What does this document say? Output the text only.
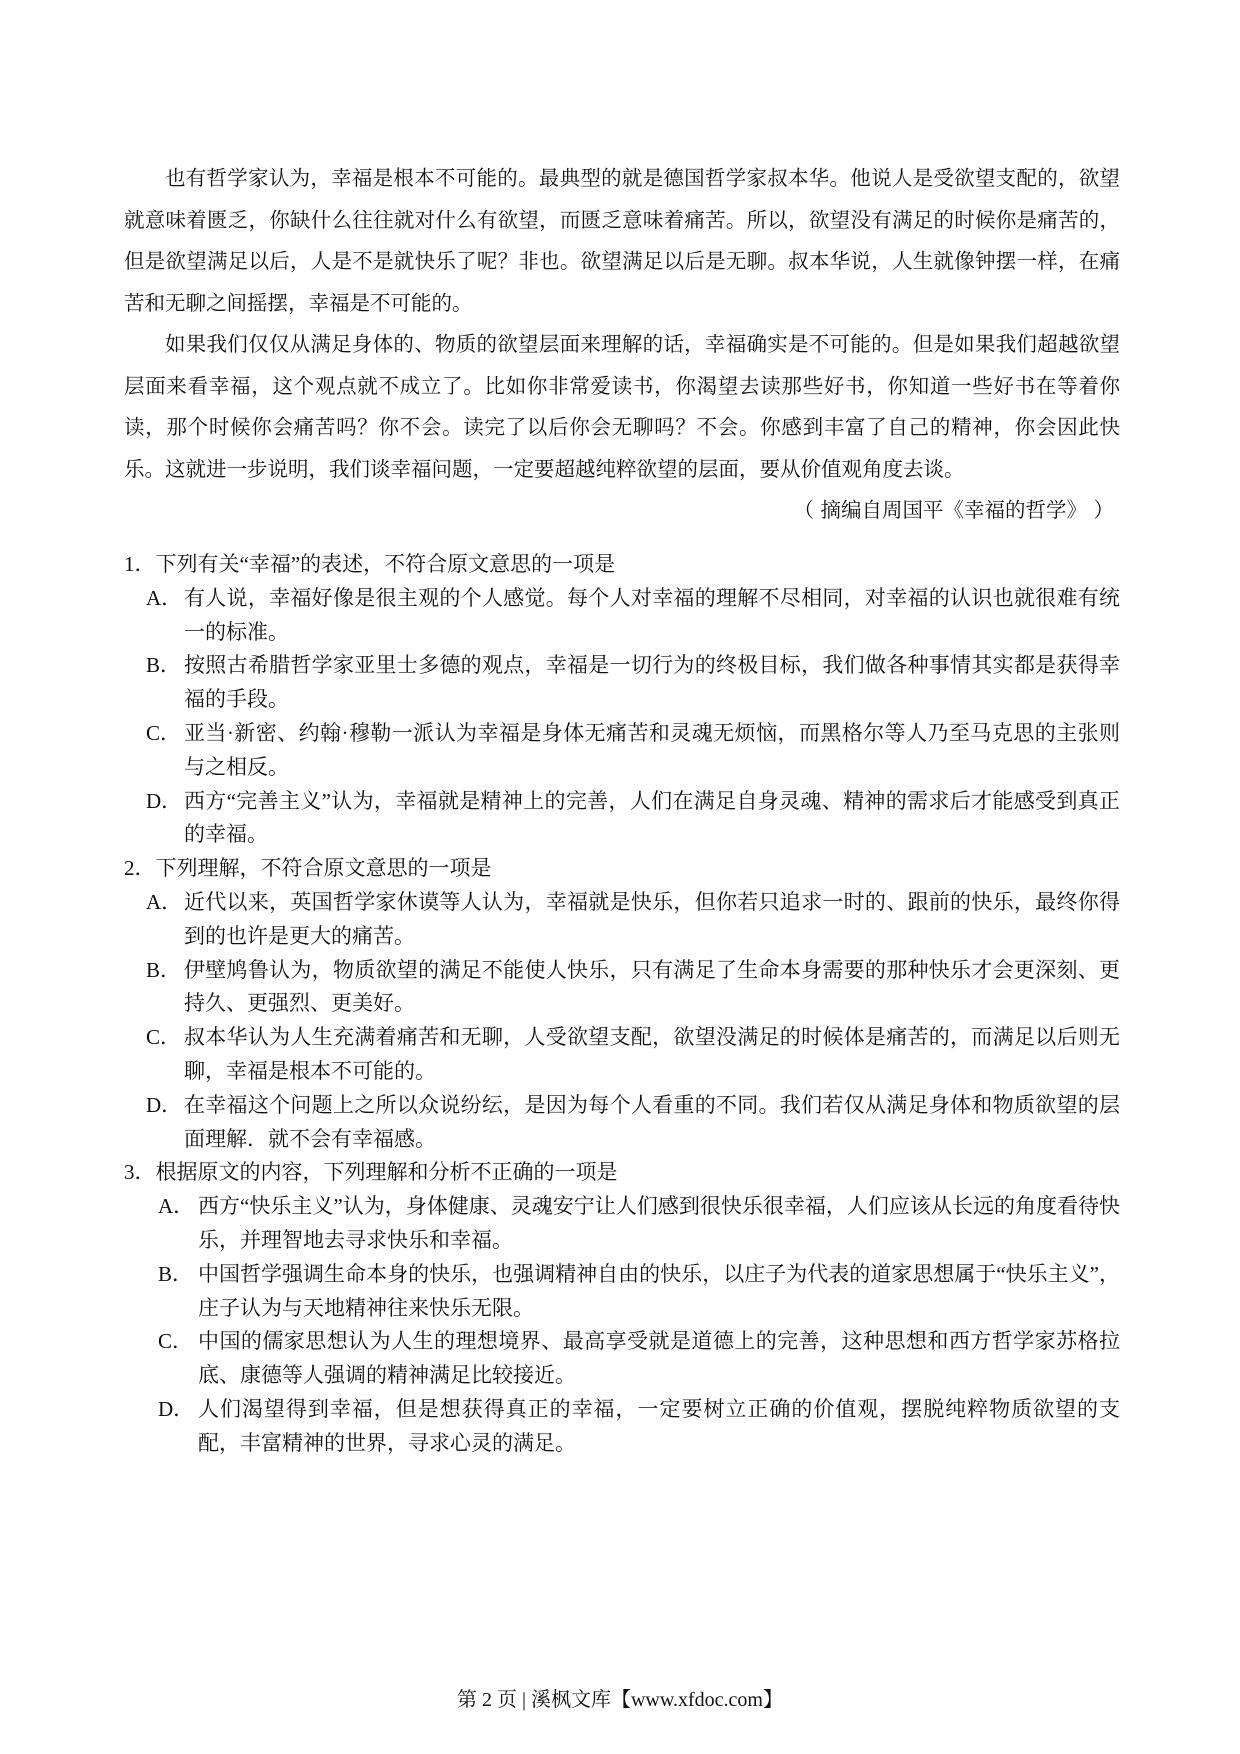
也有哲学家认为，幸福是根本不可能的。最典型的就是德国哲学家叔本华。他说人是受欲望支配的，欲望就意味着匮乏，你缺什么往往就对什么有欲望，而匮乏意味着痛苦。所以，欲望没有满足的时候你是痛苦的，但是欲望满足以后，人是不是就快乐了呢？非也。欲望满足以后是无聊。叔本华说，人生就像钟摆一样，在痛苦和无聊之间摇摆，幸福是不可能的。

如果我们仅仅从满足身体的、物质的欲望层面来理解的话，幸福确实是不可能的。但是如果我们超越欲望层面来看幸福，这个观点就不成立了。比如你非常爱读书，你渴望去读那些好书，你知道一些好书在等着你读，那个时候你会痛苦吗？你不会。读完了以后你会无聊吗？不会。你感到丰富了自己的精神，你会因此快乐。这就进一步说明，我们谈幸福问题，一定要超越纯粹欲望的层面，要从价值观角度去谈。

（ 摘编自周国平《幸福的哲学》 ）
1．下列有关“幸福”的表述，不符合原文意思的一项是
A． 有人说，幸福好像是很主观的个人感觉。每个人对幸福的理解不尽相同，对幸福的认识也就很难有统一的标准。
B． 按照古希腊哲学家亚里士多德的观点，幸福是一切行为的终极目标，我们做各种事情其实都是获得幸福的手段。
C． 亚当·新密、约翰·穆勒一派认为幸福是身体无痛苦和灵魂无烦恼，而黑格尔等人乃至马克思的主张则与之相反。
D． 西方“完善主义”认为，幸福就是精神上的完善，人们在满足自身灵魂、精神的需求后才能感受到真正的幸福。
2．下列理解，不符合原文意思的一项是
A． 近代以来，英国哲学家休谟等人认为，幸福就是快乐，但你若只追求一时的、跟前的快乐，最终你得到的也许是更大的痛苦。
B． 伊壁鸠鲁认为，物质欲望的满足不能使人快乐，只有满足了生命本身需要的那种快乐才会更深刻、更持久、更强烈、更美好。
C． 叔本华认为人生充满着痛苦和无聊，人受欲望支配，欲望没满足的时候体是痛苦的，而满足以后则无聊，幸福是根本不可能的。
D． 在幸福这个问题上之所以众说纷纭，是因为每个人看重的不同。我们若仅从满足身体和物质欲望的层面理解．就不会有幸福感。
3．根据原文的内容，下列理解和分析不正确的一项是
A． 西方“快乐主义”认为，身体健康、灵魂安宁让人们感到很快乐很幸福，人们应该从长远的角度看待快乐，并理智地去寻求快乐和幸福。
B． 中国哲学强调生命本身的快乐，也强调精神自由的快乐，以庄子为代表的道家思想属于“快乐主义”，庄子认为与天地精神往来快乐无限。
C． 中国的儒家思想认为人生的理想境界、最高享受就是道德上的完善，这种思想和西方哲学家苏格拉底、康德等人强调的精神满足比较接近。
D． 人们渴望得到幸福，但是想获得真正的幸福，一定要树立正确的价值观，摆脱纯粹物质欲望的支配，丰富精神的世界，寻求心灵的满足。
第 2 页 | 溪枫文库【www.xfdoc.com】
